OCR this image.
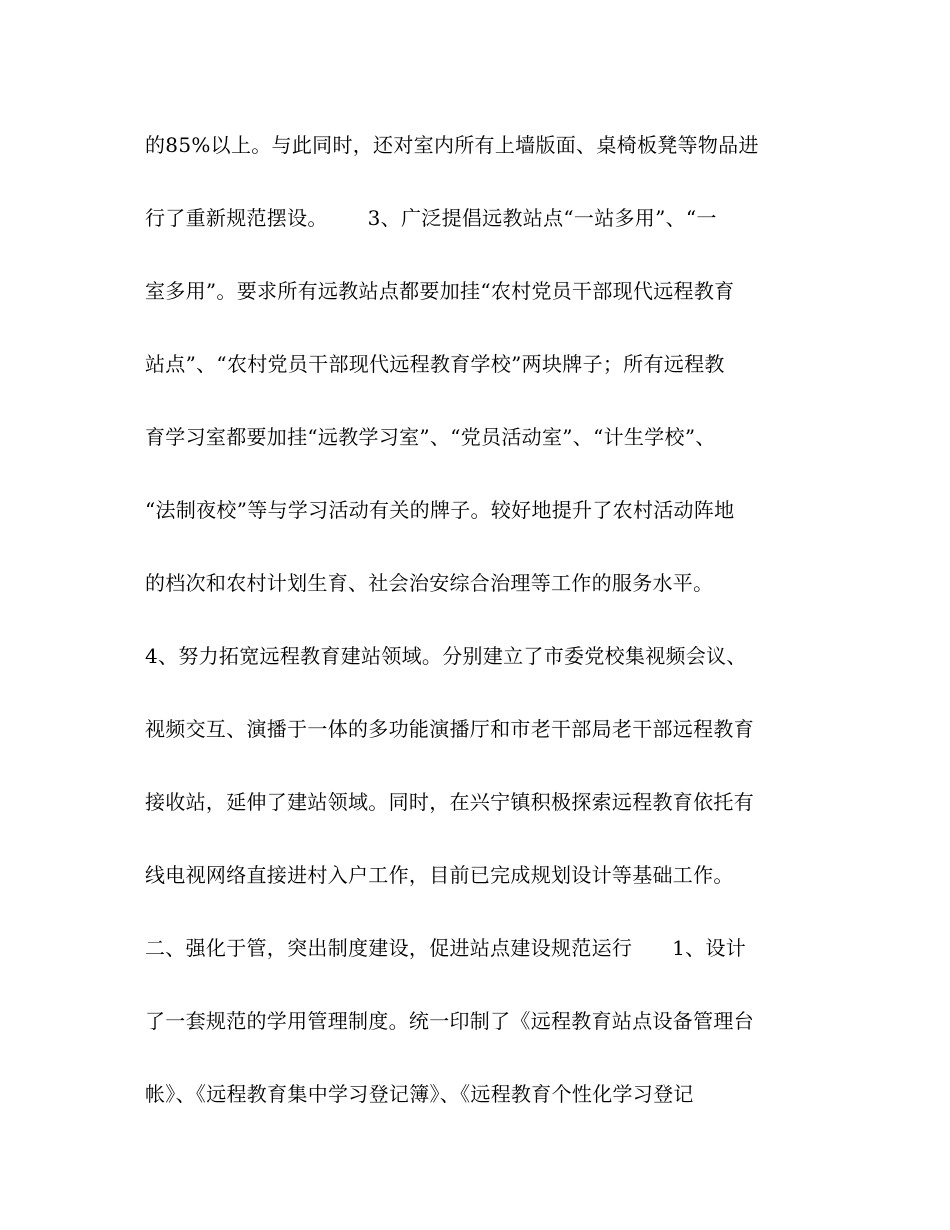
的85%以上。与此同时，还对室内所有上墙版面、桌椅板凳等物品进
行了重新规范摆设。      3、广泛提倡远教站点“一站多用”、“一
室多用”。要求所有远教站点都要加挂“农村党员干部现代远程教育
站点”、“农村党员干部现代远程教育学校”两块牌子；所有远程教
育学习室都要加挂“远教学习室”、“党员活动室”、“计生学校”、
“法制夜校”等与学习活动有关的牌子。较好地提升了农村活动阵地
的档次和农村计划生育、社会治安综合治理等工作的服务水平。
4、努力拓宽远程教育建站领域。分别建立了市委党校集视频会议、
视频交互、演播于一体的多功能演播厅和市老干部局老干部远程教育
接收站，延伸了建站领域。同时，在兴宁镇积极探索远程教育依托有
线电视网络直接进村入户工作，目前已完成规划设计等基础工作。
二、强化于管，突出制度建设，促进站点建设规范运行      1、设计
了一套规范的学用管理制度。统一印制了《远程教育站点设备管理台
帐》、《远程教育集中学习登记簿》、《远程教育个性化学习登记
